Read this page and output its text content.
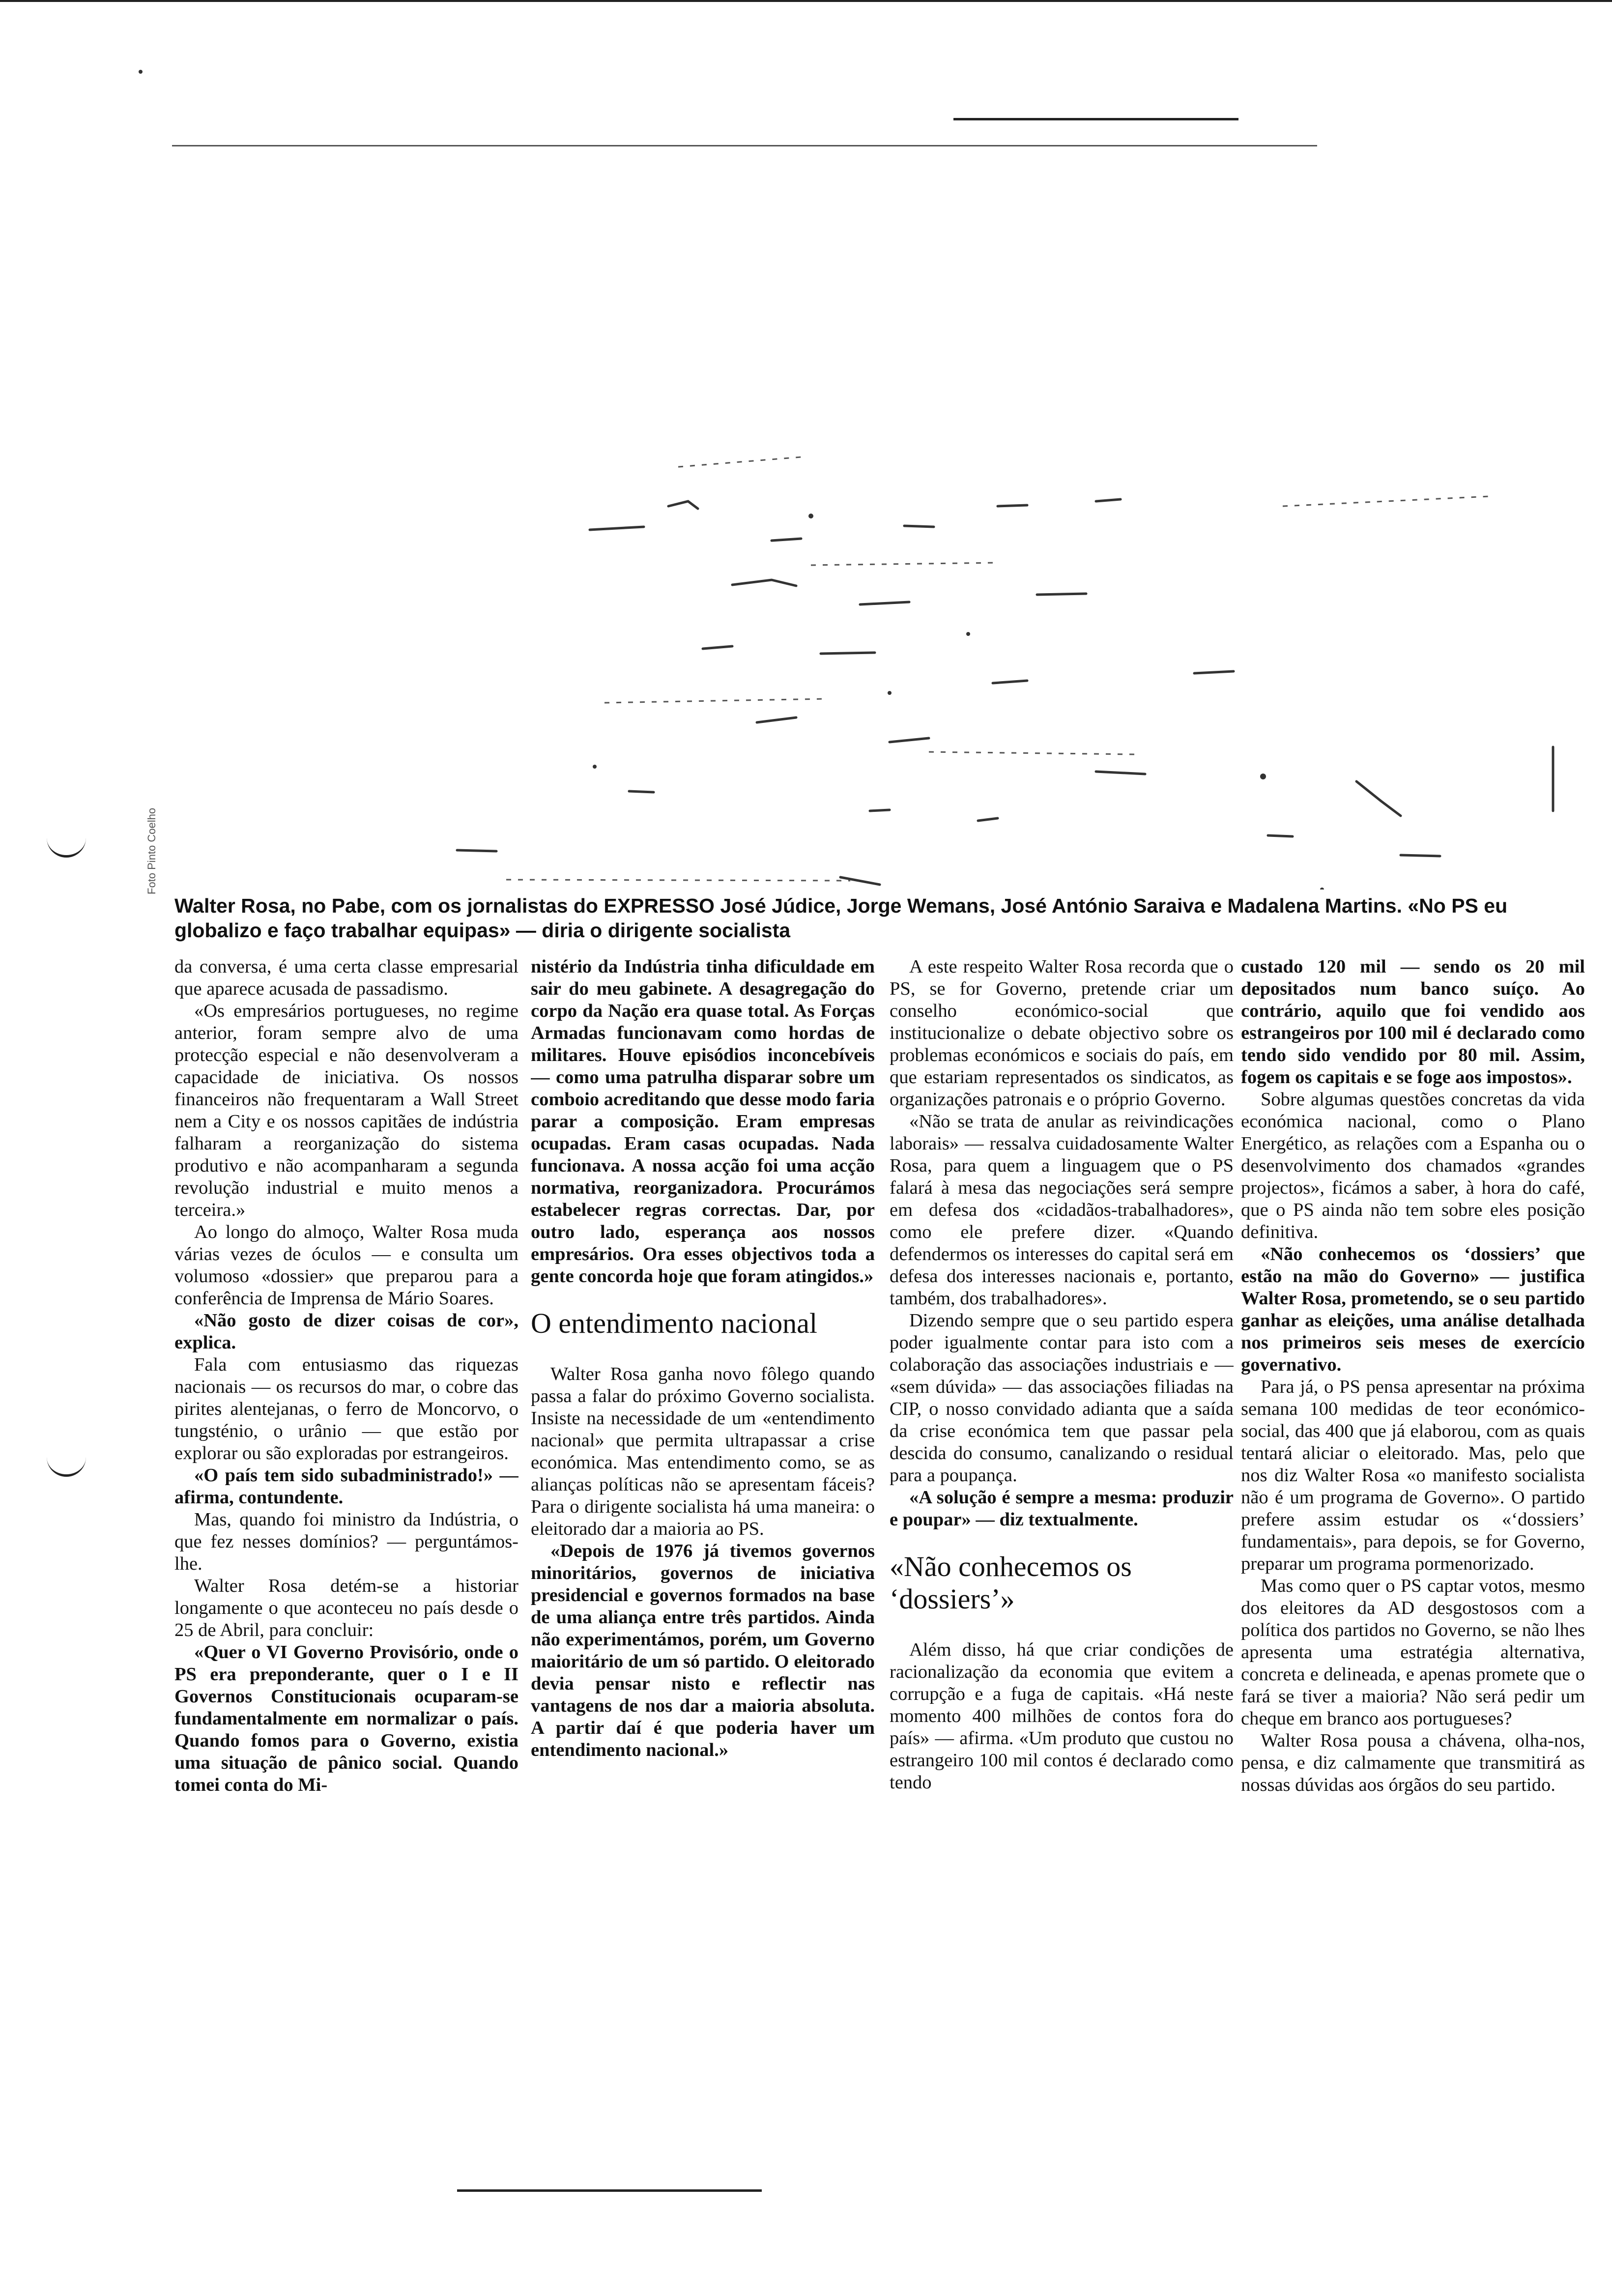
Foto Pinto Coelho
Walter Rosa, no Pabe, com os jornalistas do EXPRESSO José Júdice, Jorge Wemans, José António Saraiva e Madalena Martins. «No PS eu globalizo e faço trabalhar equipas» — diria o dirigente socialista

da conversa, é uma certa classe empresarial que aparece acusada de passadismo.

«Os empresários portugueses, no regime anterior, foram sempre alvo de uma protecção especial e não desenvolveram a capacidade de iniciativa. Os nossos financeiros não frequentaram a Wall Street nem a City e os nossos capitães de indústria falharam a reorganização do sistema produtivo e não acompanharam a segunda revolução industrial e muito menos a terceira.»

Ao longo do almoço, Walter Rosa muda várias vezes de óculos — e consulta um volumoso «dossier» que preparou para a conferência de Imprensa de Mário Soares.

«Não gosto de dizer coisas de cor», explica.

Fala com entusiasmo das riquezas nacionais — os recursos do mar, o cobre das pirites alentejanas, o ferro de Moncorvo, o tungsténio, o urânio — que estão por explorar ou são exploradas por estrangeiros.

«O país tem sido subadministrado!» — afirma, contundente.

Mas, quando foi ministro da Indústria, o que fez nesses domínios? — perguntámos-lhe.

Walter Rosa detém-se a historiar longamente o que aconteceu no país desde o 25 de Abril, para concluir:

«Quer o VI Governo Provisório, onde o PS era preponderante, quer o I e II Governos Constitucionais ocuparam-se fundamentalmente em normalizar o país. Quando fomos para o Governo, existia uma situação de pânico social. Quando tomei conta do Mi-

nistério da Indústria tinha dificuldade em sair do meu gabinete. A desagregação do corpo da Nação era quase total. As Forças Armadas funcionavam como hordas de militares. Houve episódios inconcebíveis — como uma patrulha disparar sobre um comboio acreditando que desse modo faria parar a composição. Eram empresas ocupadas. Eram casas ocupadas. Nada funcionava. A nossa acção foi uma acção normativa, reorganizadora. Procurámos estabelecer regras correctas. Dar, por outro lado, esperança aos nossos empresários. Ora esses objectivos toda a gente concorda hoje que foram atingidos.»

O entendimento nacional

Walter Rosa ganha novo fôlego quando passa a falar do próximo Governo socialista. Insiste na necessidade de um «entendimento nacional» que permita ultrapassar a crise económica. Mas entendimento como, se as alianças políticas não se apresentam fáceis? Para o dirigente socialista há uma maneira: o eleitorado dar a maioria ao PS.

«Depois de 1976 já tivemos governos minoritários, governos de iniciativa presidencial e governos formados na base de uma aliança entre três partidos. Ainda não experimentámos, porém, um Governo maioritário de um só partido. O eleitorado devia pensar nisto e reflectir nas vantagens de nos dar a maioria absoluta. A partir daí é que poderia haver um entendimento nacional.»

A este respeito Walter Rosa recorda que o PS, se for Governo, pretende criar um conselho económico-social que institucionalize o debate objectivo sobre os problemas económicos e sociais do país, em que estariam representados os sindicatos, as organizações patronais e o próprio Governo.

«Não se trata de anular as reivindicações laborais» — ressalva cuidadosamente Walter Rosa, para quem a linguagem que o PS falará à mesa das negociações será sempre em defesa dos «cidadãos-trabalhadores», como ele prefere dizer. «Quando defendermos os interesses do capital será em defesa dos interesses nacionais e, portanto, também, dos trabalhadores».

Dizendo sempre que o seu partido espera poder igualmente contar para isto com a colaboração das associações industriais e — «sem dúvida» — das associações filiadas na CIP, o nosso convidado adianta que a saída da crise económica tem que passar pela descida do consumo, canalizando o residual para a poupança.

«A solução é sempre a mesma: produzir e poupar» — diz textualmente.

«Não conhecemos os ‘dossiers’»

Além disso, há que criar condições de racionalização da economia que evitem a corrupção e a fuga de capitais. «Há neste momento 400 milhões de contos fora do país» — afirma. «Um produto que custou no estrangeiro 100 mil contos é declarado como tendo

custado 120 mil — sendo os 20 mil depositados num banco suíço. Ao contrário, aquilo que foi vendido aos estrangeiros por 100 mil é declarado como tendo sido vendido por 80 mil. Assim, fogem os capitais e se foge aos impostos».

Sobre algumas questões concretas da vida económica nacional, como o Plano Energético, as relações com a Espanha ou o desenvolvimento dos chamados «grandes projectos», ficámos a saber, à hora do café, que o PS ainda não tem sobre eles posição definitiva.

«Não conhecemos os ‘dossiers’ que estão na mão do Governo» — justifica Walter Rosa, prometendo, se o seu partido ganhar as eleições, uma análise detalhada nos primeiros seis meses de exercício governativo.

Para já, o PS pensa apresentar na próxima semana 100 medidas de teor económico-social, das 400 que já elaborou, com as quais tentará aliciar o eleitorado. Mas, pelo que nos diz Walter Rosa «o manifesto socialista não é um programa de Governo». O partido prefere assim estudar os «‘dossiers’ fundamentais», para depois, se for Governo, preparar um programa pormenorizado.

Mas como quer o PS captar votos, mesmo dos eleitores da AD desgostosos com a política dos partidos no Governo, se não lhes apresenta uma estratégia alternativa, concreta e delineada, e apenas promete que o fará se tiver a maioria? Não será pedir um cheque em branco aos portugueses?

Walter Rosa pousa a chávena, olha-nos, pensa, e diz calmamente que transmitirá as nossas dúvidas aos órgãos do seu partido.
